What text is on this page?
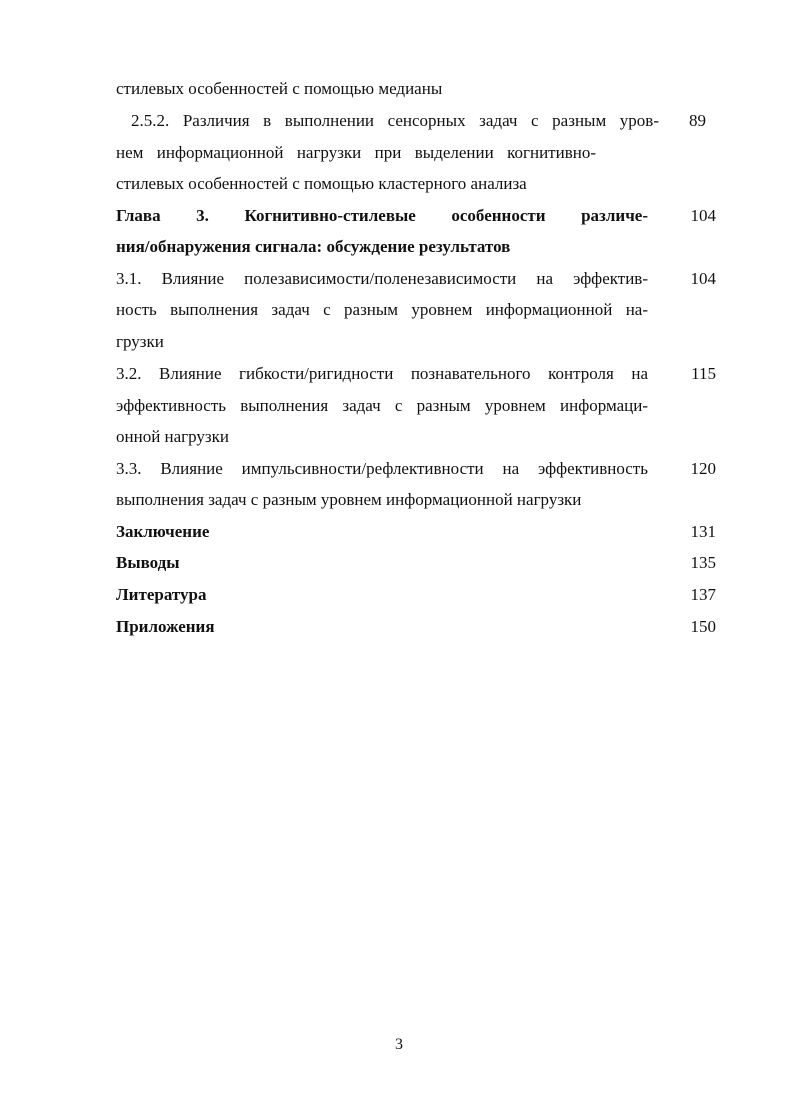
стилевых особенностей с помощью медианы
2.5.2. Различия в выполнении сенсорных задач с разным уров-
нем информационной нагрузки при выделении когнитивно-
стилевых особенностей с помощью кластерного анализа
89
Глава 3. Когнитивно-стилевые особенности различе-
ния/обнаружения сигнала: обсуждение результатов
104
3.1. Влияние полезависимости/поленезависимости на эффектив-
ность выполнения задач с разным уровнем информационной на-
грузки
104
3.2. Влияние гибкости/ригидности познавательного контроля на
эффективность выполнения задач с разным уровнем информаци-
онной нагрузки
115
3.3. Влияние импульсивности/рефлективности на эффективность
выполнения задач с разным уровнем информационной нагрузки
120
Заключение	131
Выводы	135
Литература	137
Приложения	150
3
